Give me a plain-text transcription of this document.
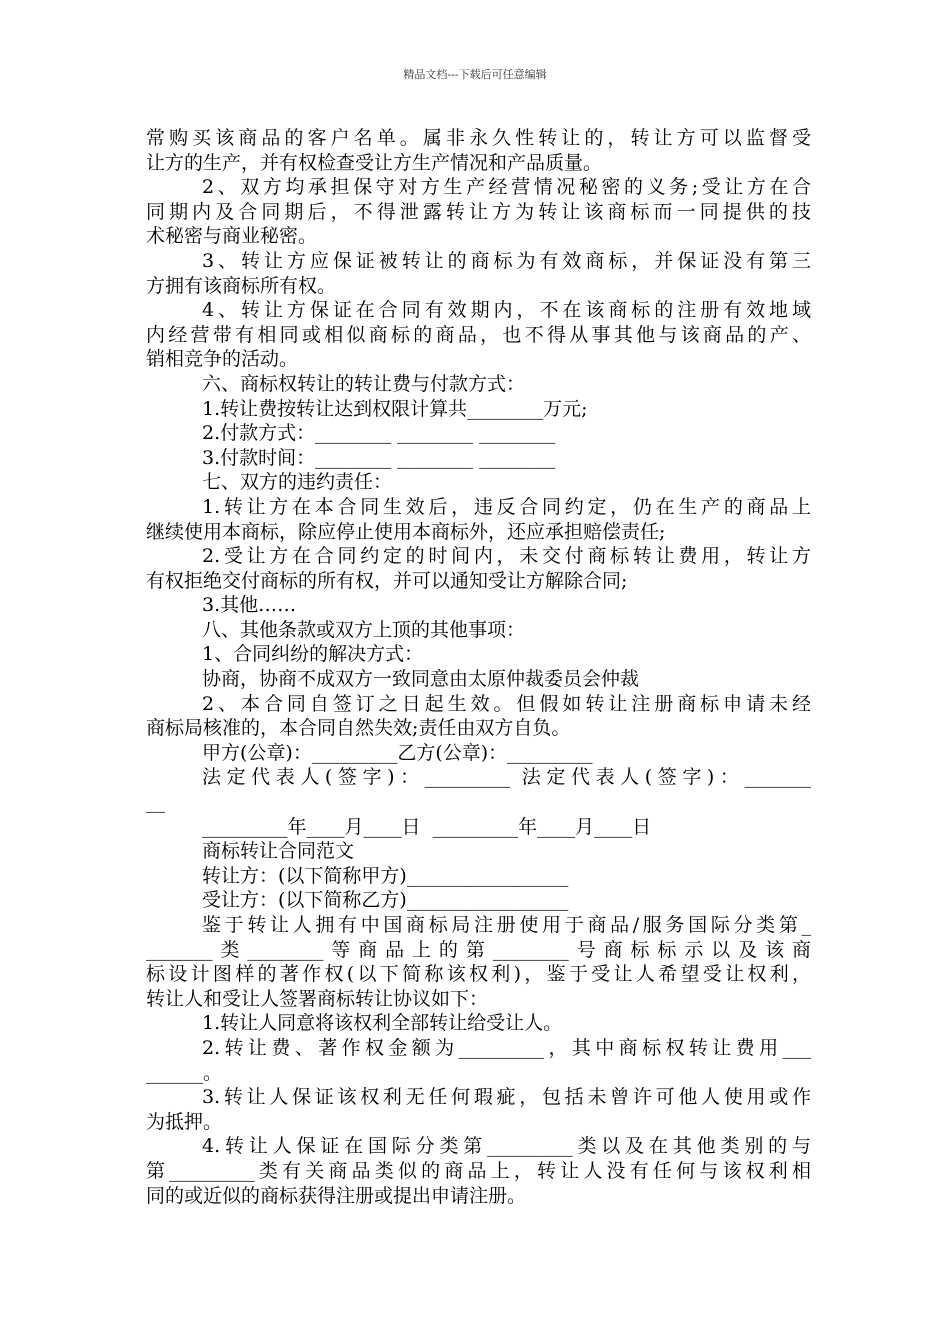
精品文档---下载后可任意编辑
常购买该商品的客户名单。属非永久性转让的，转让方可以监督受
让方的生产，并有权检查受让方生产情况和产品质量。
2、双方均承担保守对方生产经营情况秘密的义务;受让方在合
同期内及合同期后，不得泄露转让方为转让该商标而一同提供的技
术秘密与商业秘密。
3、转让方应保证被转让的商标为有效商标，并保证没有第三
方拥有该商标所有权。
4、转让方保证在合同有效期内，不在该商标的注册有效地域
内经营带有相同或相似商标的商品，也不得从事其他与该商品的产、
销相竞争的活动。
六、商标权转让的转让费与付款方式：
1.转让费按转让达到权限计算共________万元;
2.付款方式：________ ________ ________
3.付款时间：________ ________ ________
七、双方的违约责任：
1.转让方在本合同生效后，违反合同约定，仍在生产的商品上
继续使用本商标，除应停止使用本商标外，还应承担赔偿责任;
2.受让方在合同约定的时间内，未交付商标转让费用，转让方
有权拒绝交付商标的所有权，并可以通知受让方解除合同;
3.其他……
八、其他条款或双方上顶的其他事项：
1、合同纠纷的解决方式：
协商，协商不成双方一致同意由太原仲裁委员会仲裁
2、本合同自签订之日起生效。但假如转让注册商标申请未经
商标局核准的，本合同自然失效;责任由双方自负。
甲方(公章)：_________乙方(公章)：_________
法定代表人(签字)：_________ 法定代表人(签字)：_______
__
_________年____月____日  _________年____月____日
商标转让合同范文
转让方：(以下简称甲方)_________________
受让方：(以下简称乙方)_________________
鉴于转让人拥有中国商标局注册使用于商品/服务国际分类第_
_______类________等商品上的第________号商标标示以及该商
标设计图样的著作权(以下简称该权利)，鉴于受让人希望受让权利，
转让人和受让人签署商标转让协议如下：
1.转让人同意将该权利全部转让给受让人。
2.转让费、著作权金额为_________，其中商标权转让费用___
______。
3.转让人保证该权利无任何瑕疵，包括未曾许可他人使用或作
为抵押。
4.转让人保证在国际分类第_________类以及在其他类别的与
第_________类有关商品类似的商品上，转让人没有任何与该权利相
同的或近似的商标获得注册或提出申请注册。
